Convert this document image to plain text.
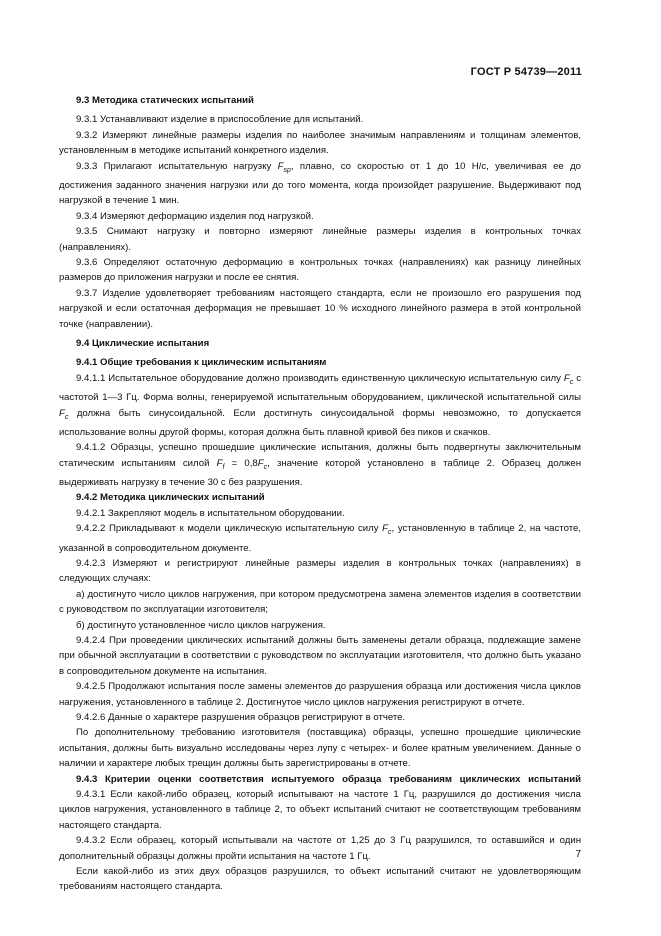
ГОСТ Р 54739—2011

9.3 Методика статических испытаний

9.3.1 Устанавливают изделие в приспособление для испытаний.

9.3.2 Измеряют линейные размеры изделия по наиболее значимым направлениям и толщинам элементов, установленным в методике испытаний конкретного изделия.

9.3.3 Прилагают испытательную нагрузку $F_{sp}$, плавно, со скоростью от 1 до 10 Н/с, увеличивая ее до достижения заданного значения нагрузки или до того момента, когда произойдет разрушение. Выдерживают под нагрузкой в течение 1 мин.

9.3.4 Измеряют деформацию изделия под нагрузкой.

9.3.5 Снимают нагрузку и повторно измеряют линейные размеры изделия в контрольных точках (направлениях).

9.3.6 Определяют остаточную деформацию в контрольных точках (направлениях) как разницу линейных размеров до приложения нагрузки и после ее снятия.

9.3.7 Изделие удовлетворяет требованиям настоящего стандарта, если не произошло его разрушения под нагрузкой и если остаточная деформация не превышает 10 % исходного линейного размера в этой контрольной точке (направлении).

9.4 Циклические испытания

9.4.1 Общие требования к циклическим испытаниям

9.4.1.1 Испытательное оборудование должно производить единственную циклическую испытательную силу $F_c$ с частотой 1—3 Гц. Форма волны, генерируемой испытательным оборудованием, циклической испытательной силы $F_c$ должна быть синусоидальной. Если достигнуть синусоидальной формы невозможно, то допускается использование волны другой формы, которая должна быть плавной кривой без пиков и скачков.

9.4.1.2 Образцы, успешно прошедшие циклические испытания, должны быть подвергнуты заключительным статическим испытаниям силой $F_f = 0,8F_c$, значение которой установлено в таблице 2. Образец должен выдерживать нагрузку в течение 30 с без разрушения.

9.4.2 Методика циклических испытаний

9.4.2.1 Закрепляют модель в испытательном оборудовании.

9.4.2.2 Прикладывают к модели циклическую испытательную силу $F_c$, установленную в таблице 2, на частоте, указанной в сопроводительном документе.

9.4.2.3 Измеряют и регистрируют линейные размеры изделия в контрольных точках (направлениях) в следующих случаях:

а) достигнуто число циклов нагружения, при котором предусмотрена замена элементов изделия в соответствии с руководством по эксплуатации изготовителя;

б) достигнуто установленное число циклов нагружения.

9.4.2.4 При проведении циклических испытаний должны быть заменены детали образца, подлежащие замене при обычной эксплуатации в соответствии с руководством по эксплуатации изготовителя, что должно быть указано в сопроводительном документе на испытания.

9.4.2.5 Продолжают испытания после замены элементов до разрушения образца или достижения числа циклов нагружения, установленного в таблице 2. Достигнутое число циклов нагружения регистрируют в отчете.

9.4.2.6 Данные о характере разрушения образцов регистрируют в отчете.

По дополнительному требованию изготовителя (поставщика) образцы, успешно прошедшие циклические испытания, должны быть визуально исследованы через лупу с четырех- и более кратным увеличением. Данные о наличии и характере любых трещин должны быть зарегистрированы в отчете.

9.4.3 Критерии оценки соответствия испытуемого образца требованиям циклических испытаний

9.4.3.1 Если какой-либо образец, который испытывают на частоте 1 Гц, разрушился до достижения числа циклов нагружения, установленного в таблице 2, то объект испытаний считают не соответствующим требованиям настоящего стандарта.

9.4.3.2 Если образец, который испытывали на частоте от 1,25 до 3 Гц разрушился, то оставшийся и один дополнительный образцы должны пройти испытания на частоте 1 Гц.

Если какой-либо из этих двух образцов разрушился, то объект испытаний считают не удовлетворяющим требованиям настоящего стандарта.

7
